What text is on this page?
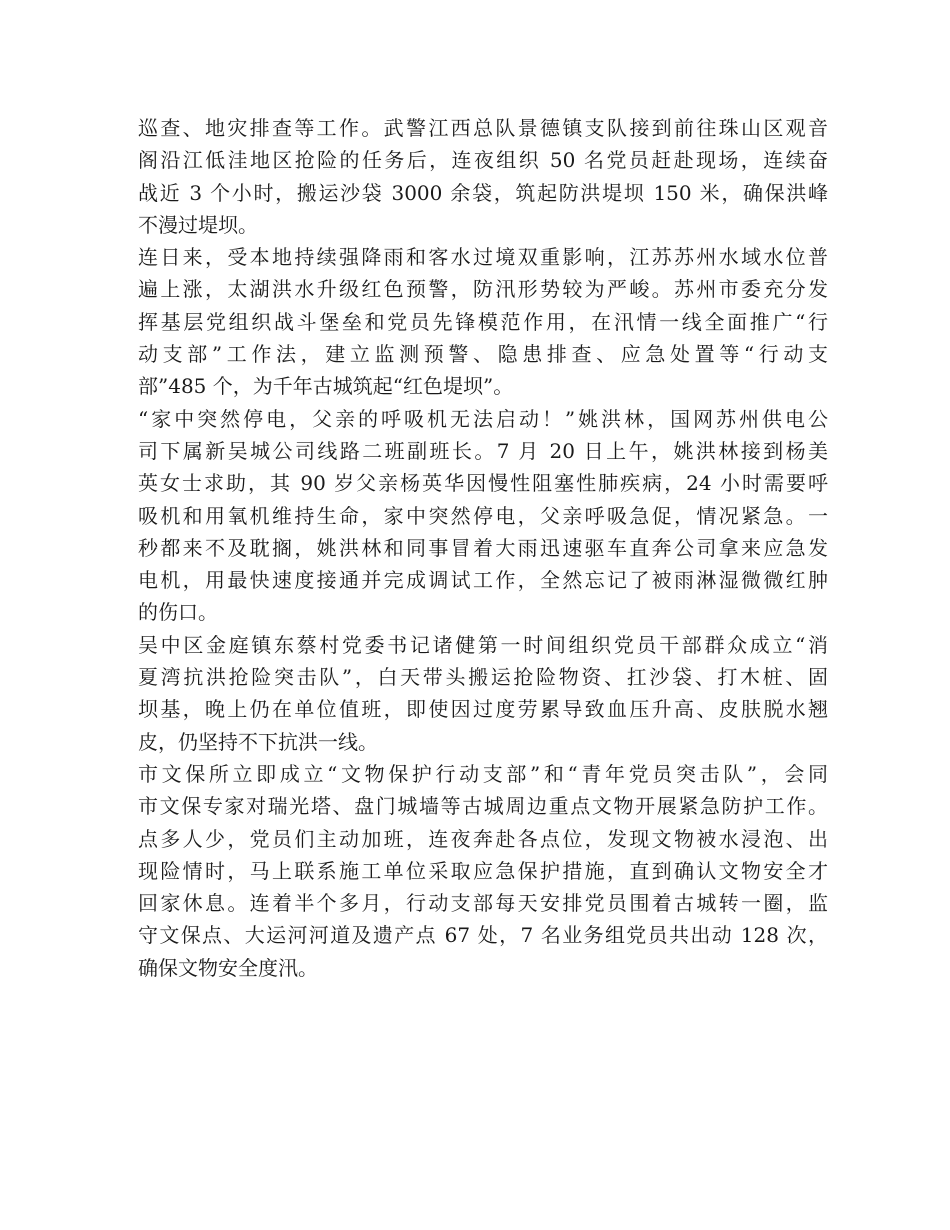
巡查、地灾排查等工作。武警江西总队景德镇支队接到前往珠山区观音
阁沿江低洼地区抢险的任务后，连夜组织 50 名党员赶赴现场，连续奋
战近 3 个小时，搬运沙袋 3000 余袋，筑起防洪堤坝 150 米，确保洪峰
不漫过堤坝。
连日来，受本地持续强降雨和客水过境双重影响，江苏苏州水域水位普
遍上涨，太湖洪水升级红色预警，防汛形势较为严峻。苏州市委充分发
挥基层党组织战斗堡垒和党员先锋模范作用，在汛情一线全面推广“行
动支部”工作法，建立监测预警、隐患排查、应急处置等“行动支
部”485 个，为千年古城筑起“红色堤坝”。
“家中突然停电，父亲的呼吸机无法启动！”姚洪林，国网苏州供电公
司下属新吴城公司线路二班副班长。7 月 20 日上午，姚洪林接到杨美
英女士求助，其 90 岁父亲杨英华因慢性阻塞性肺疾病，24 小时需要呼
吸机和用氧机维持生命，家中突然停电，父亲呼吸急促，情况紧急。一
秒都来不及耽搁，姚洪林和同事冒着大雨迅速驱车直奔公司拿来应急发
电机，用最快速度接通并完成调试工作，全然忘记了被雨淋湿微微红肿
的伤口。
吴中区金庭镇东蔡村党委书记诸健第一时间组织党员干部群众成立“消
夏湾抗洪抢险突击队”，白天带头搬运抢险物资、扛沙袋、打木桩、固
坝基，晚上仍在单位值班，即使因过度劳累导致血压升高、皮肤脱水翘
皮，仍坚持不下抗洪一线。
市文保所立即成立“文物保护行动支部”和“青年党员突击队”，会同
市文保专家对瑞光塔、盘门城墙等古城周边重点文物开展紧急防护工作。
点多人少，党员们主动加班，连夜奔赴各点位，发现文物被水浸泡、出
现险情时，马上联系施工单位采取应急保护措施，直到确认文物安全才
回家休息。连着半个多月，行动支部每天安排党员围着古城转一圈，监
守文保点、大运河河道及遗产点 67 处，7 名业务组党员共出动 128 次，
确保文物安全度汛。
